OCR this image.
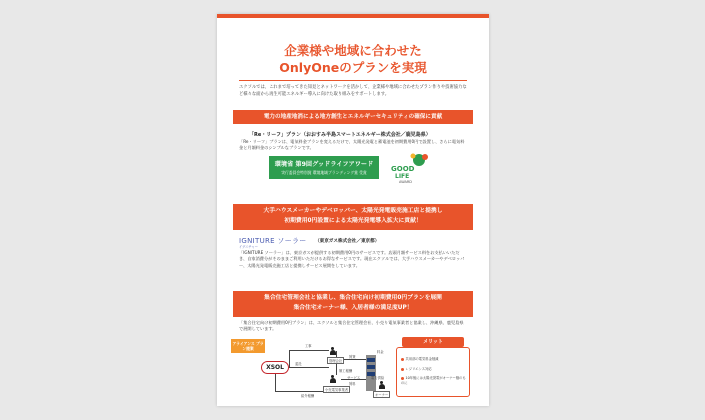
企業様や地域に合わせた
OnlyOneのプランを実現
エクソルでは、これまで培ってきた知見とネットワークを活かして、企業様や地域に合わせたプラン作りや技術協力など様々な面から再生可能エネルギー導入に向けた取り組みをサポートします。
電力の地産地消による地方創生とエネルギーセキュリティの確保に貢献
「Re・リーフ」プラン（おおすみ半島スマートエネルギー株式会社／鹿児島県）
「Re・リーフ」プランは、電気料金プランを変えるだけで、太陽光発電と蓄電池を初期費用0円で設置し、さらに電気料金と月額料金のシンプルなプランです。
環境省 第9回グッドライフアワード
実行委員会特別賞 環境地域ブランディング賞 受賞	GOOD
LIFE
AWARD
大手ハウスメーカーやデベロッパー、太陽光発電販売施工店と提携し
初期費用0円設置による太陽光発電導入拡大に貢献！
IGNITURE ソーラー
イグニチャー
（東京ガス株式会社／東京都）
「IGNITURE ソーラー」は、東京ガスが提供する初期費用0円のサービスです。店頭月額サービス料をお支払いいただき、自家消費分がそのままご利用いただけるお得なサービスです。現在エクソルでは、大手ハウスメーカーやデベロッパー、太陽光発電販売施工店と提携しサービス展開をしています。
集合住宅管理会社と協業し、集合住宅向け初期費用0円プランを展開
集合住宅オーナー様、入居者様の満足度UP！
「集合住宅向け初期費用0円プラン」は、エクソルと集合住宅管理会社、小売り電気事業者と協業し、沖縄県、鹿児島県で展開しています。
アライアンス プラン提案
XSOL
工事
委託
紹介報酬
制工報酬
賃貸
サービス
賃料
管理会社
小売電気事業者
オーナー
電力供給
料金
メリット
共用部の電気料金削減
レジリエンス対応
10年後には太陽光発電がオーナー様のものに
